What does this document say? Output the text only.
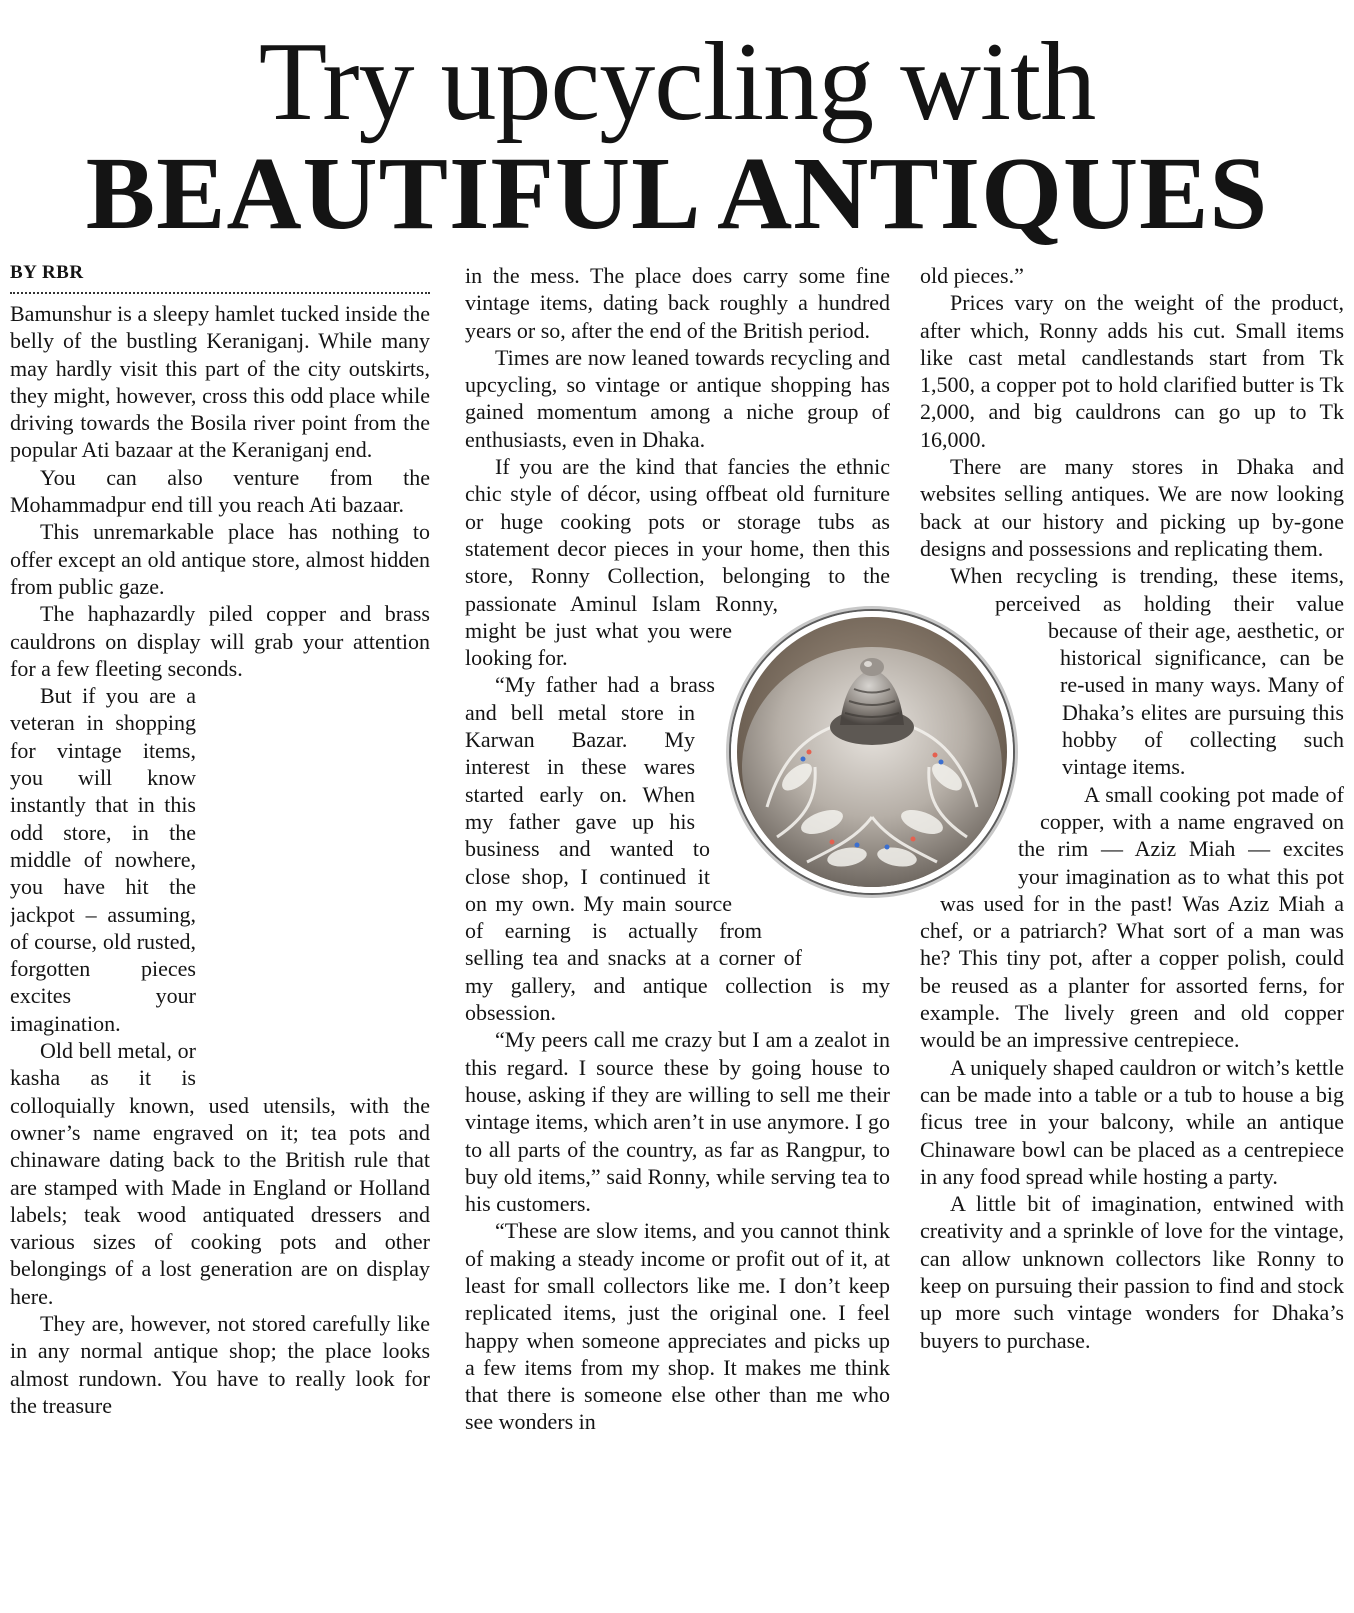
Try upcycling with
BEAUTIFUL ANTIQUES
BY RBR

Bamunshur is a sleepy hamlet tucked inside the belly of the bustling Keraniganj. While many may hardly visit this part of the city outskirts, they might, however, cross this odd place while driving towards the Bosila river point from the popular Ati bazaar at the Keraniganj end.

You can also venture from the Mohammadpur end till you reach Ati bazaar.

This unremarkable place has nothing to offer except an old antique store, almost hidden from public gaze.

The haphazardly piled copper and brass cauldrons on display will grab your attention for a few fleeting seconds.

But if you are a veteran in shopping for vintage items, you will know instantly that in this odd store, in the middle of nowhere, you have hit the jackpot – assuming, of course, old rusted, forgotten pieces excites your imagination.

Old bell metal, or kasha as it is colloquially known, used utensils, with the owner’s name engraved on it; tea pots and chinaware dating back to the British rule that are stamped with Made in England or Holland labels; teak wood antiquated dressers and various sizes of cooking pots and other belongings of a lost generation are on display here.

They are, however, not stored carefully like in any normal antique shop; the place looks almost rundown. You have to really look for the treasure

in the mess. The place does carry some fine vintage items, dating back roughly a hundred years or so, after the end of the British period.

Times are now leaned towards recycling and upcycling, so vintage or antique shopping has gained momentum among a niche group of enthusiasts, even in Dhaka.

If you are the kind that fancies the ethnic chic style of décor, using offbeat old furniture or huge cooking pots or storage tubs as statement decor pieces in your home, then this store, Ronny Collection, belonging to the passionate Aminul Islam Ronny, might be just what you were looking for.

“My father had a brass and bell metal store in Karwan Bazar. My interest in these wares started early on. When my father gave up his business and wanted to close shop, I continued it on my own. My main source of earning is actually from selling tea and snacks at a corner of my gallery, and antique collection is my obsession.

“My peers call me crazy but I am a zealot in this regard. I source these by going house to house, asking if they are willing to sell me their vintage items, which aren’t in use anymore. I go to all parts of the country, as far as Rangpur, to buy old items,” said Ronny, while serving tea to his customers.

“These are slow items, and you cannot think of making a steady income or profit out of it, at least for small collectors like me. I don’t keep replicated items, just the original one. I feel happy when someone appreciates and picks up a few items from my shop. It makes me think that there is someone else other than me who see wonders in

old pieces.”

Prices vary on the weight of the product, after which, Ronny adds his cut. Small items like cast metal candlestands start from Tk 1,500, a copper pot to hold clarified butter is Tk 2,000, and big cauldrons can go up to Tk 16,000.

There are many stores in Dhaka and websites selling antiques. We are now looking back at our history and picking up by-gone designs and possessions and replicating them.

When recycling is trending, these items, perceived as holding their value because of their age, aesthetic, or historical significance, can be re-used in many ways. Many of Dhaka’s elites are pursuing this hobby of collecting such vintage items.

A small cooking pot made of copper, with a name engraved on the rim — Aziz Miah — excites your imagination as to what this pot was used for in the past! Was Aziz Miah a chef, or a patriarch? What sort of a man was he? This tiny pot, after a copper polish, could be reused as a planter for assorted ferns, for example. The lively green and old copper would be an impressive centrepiece.

A uniquely shaped cauldron or witch’s kettle can be made into a table or a tub to house a big ficus tree in your balcony, while an antique Chinaware bowl can be placed as a centrepiece in any food spread while hosting a party.

A little bit of imagination, entwined with creativity and a sprinkle of love for the vintage, can allow unknown collectors like Ronny to keep on pursuing their passion to find and stock up more such vintage wonders for Dhaka’s buyers to purchase.
